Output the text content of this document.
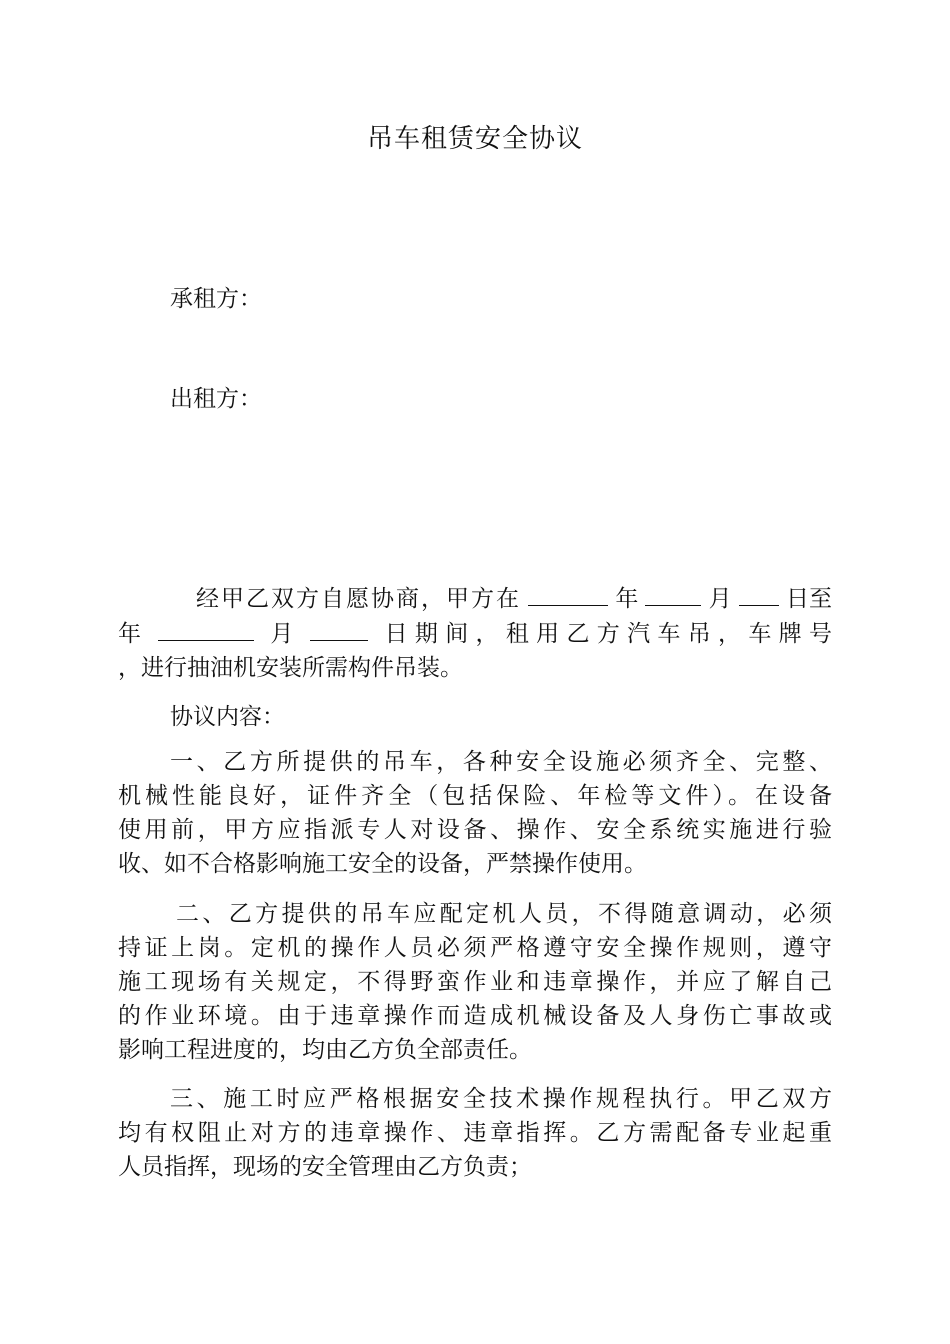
吊车租赁安全协议
承租方：
出租方：
经甲乙双方自愿协商，甲方在	年	月 日至
年	月	日 期 间 ， 租 用 乙 方 汽 车 吊 ， 车 牌 号
，进行抽油机安装所需构件吊装。
协议内容：
一、乙方所提供的吊车，各种安全设施必须齐全、完整、
机械性能良好，证件齐全（包括保险、年检等文件）。在设备
使用前，甲方应指派专人对设备、操作、安全系统实施进行验
收、如不合格影响施工安全的设备，严禁操作使用。
二、乙方提供的吊车应配定机人员，不得随意调动，必须
持证上岗。定机的操作人员必须严格遵守安全操作规则，遵守
施工现场有关规定，不得野蛮作业和违章操作，并应了解自己
的作业环境。由于违章操作而造成机械设备及人身伤亡事故或
影响工程进度的，均由乙方负全部责任。
三、施工时应严格根据安全技术操作规程执行。甲乙双方
均有权阻止对方的违章操作、违章指挥。乙方需配备专业起重
人员指挥，现场的安全管理由乙方负责；
